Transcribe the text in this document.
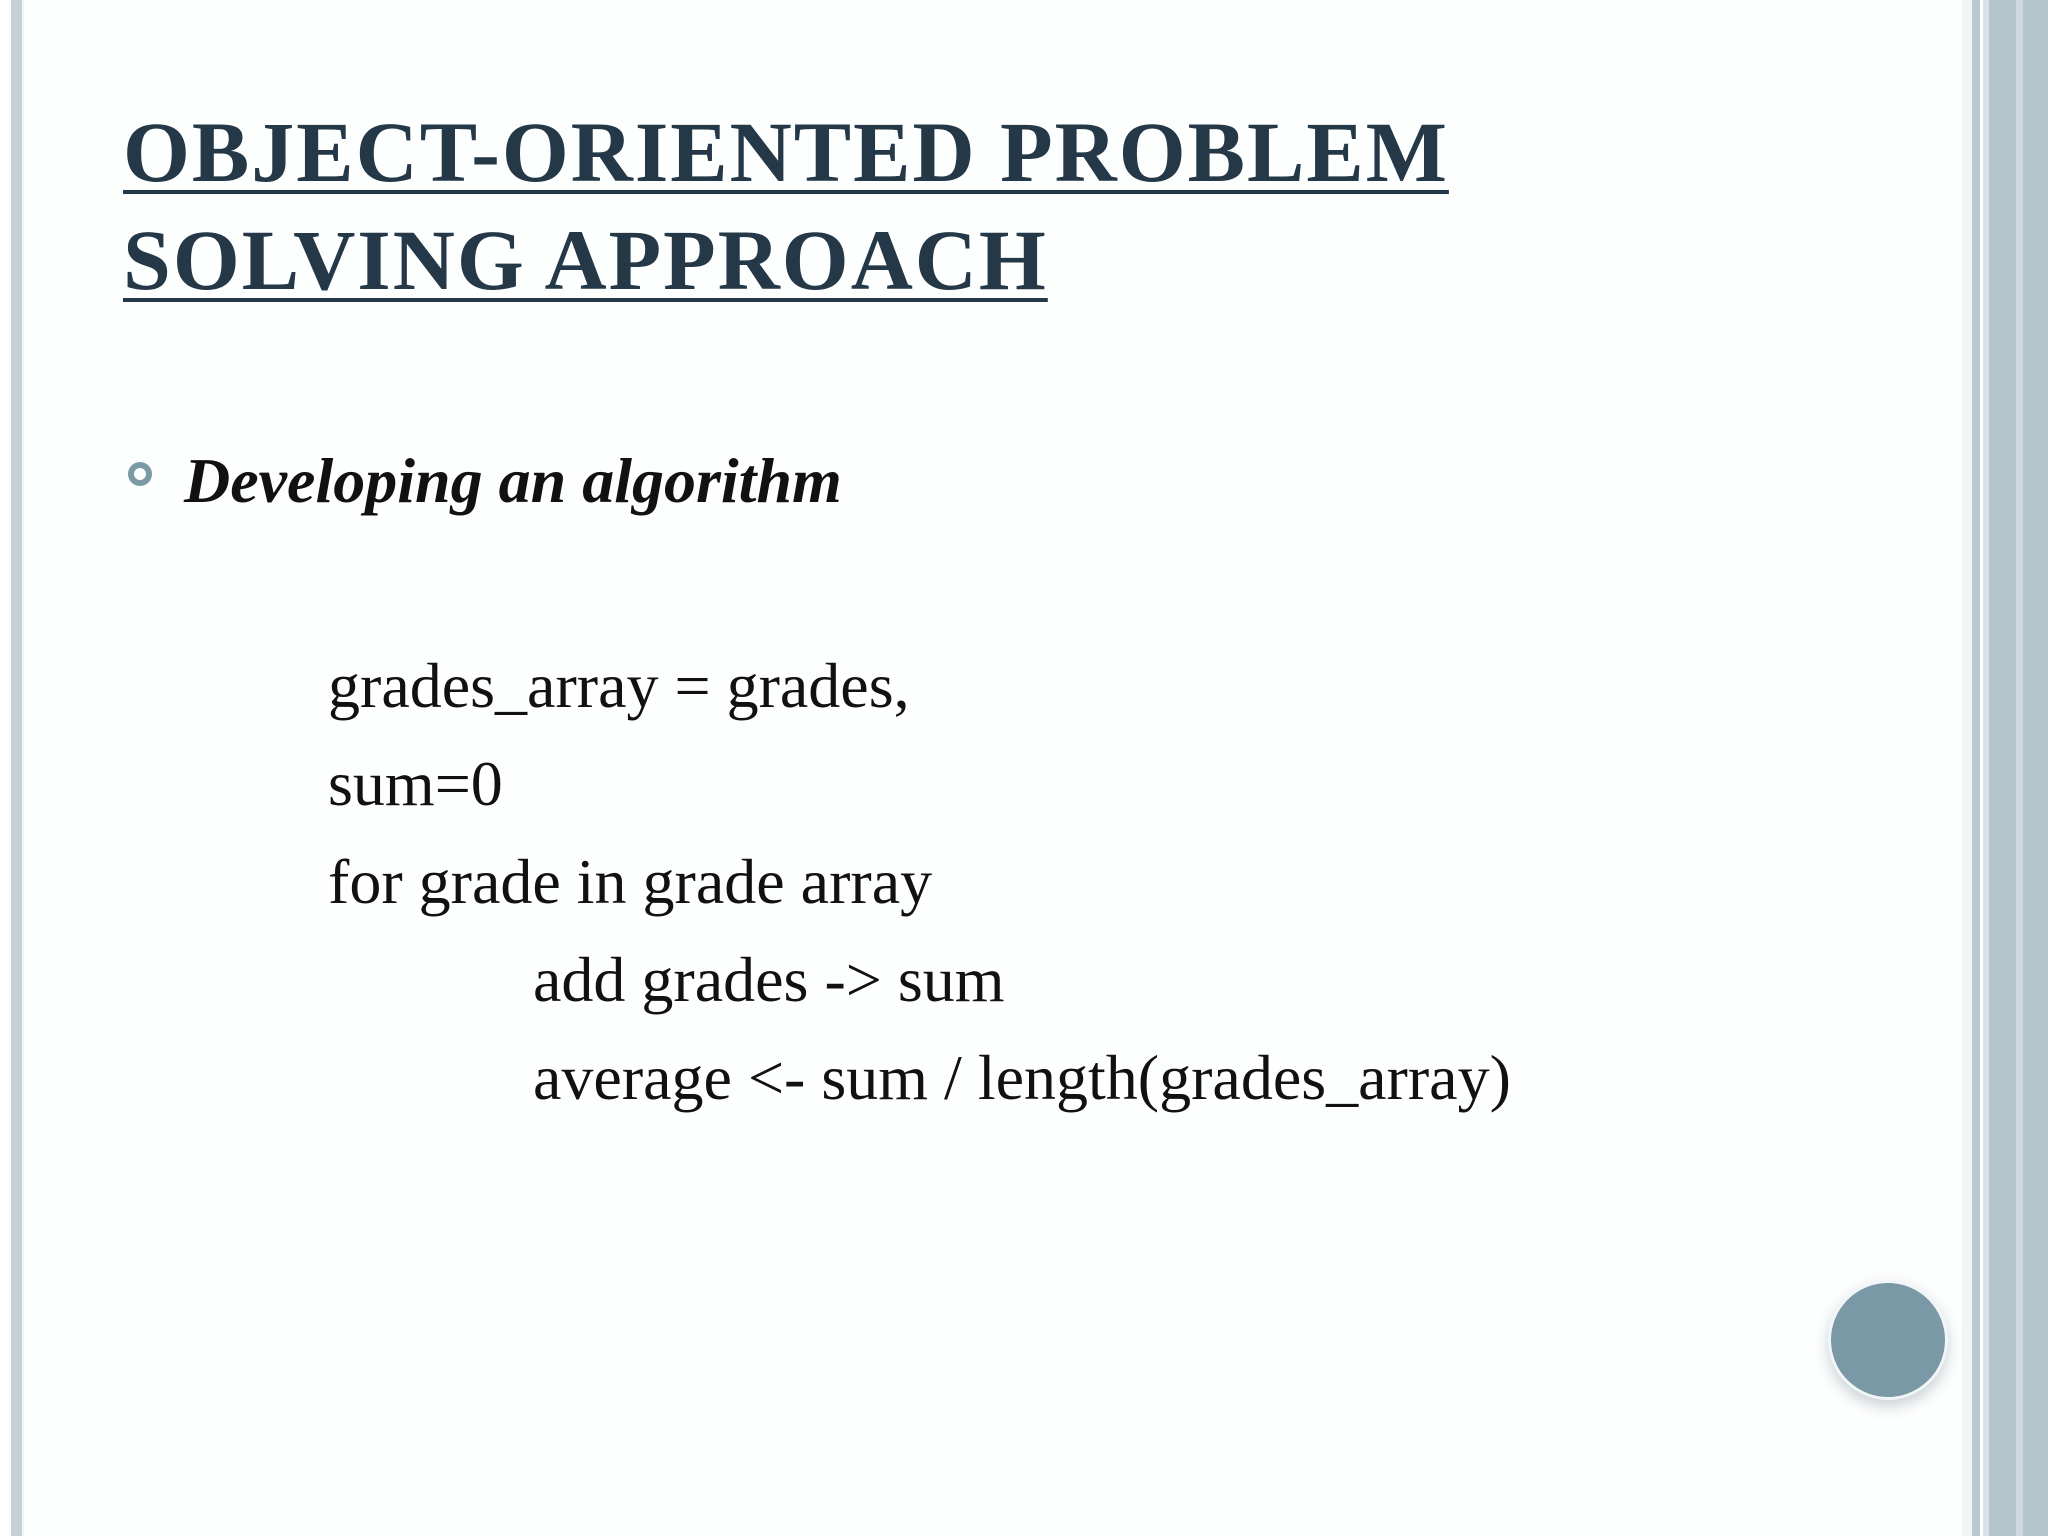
OBJECT-ORIENTED PROBLEM
SOLVING APPROACH
Developing an algorithm
grades_array = grades,
sum=0
for grade in grade array
add grades -> sum
average <- sum / length(grades_array)
